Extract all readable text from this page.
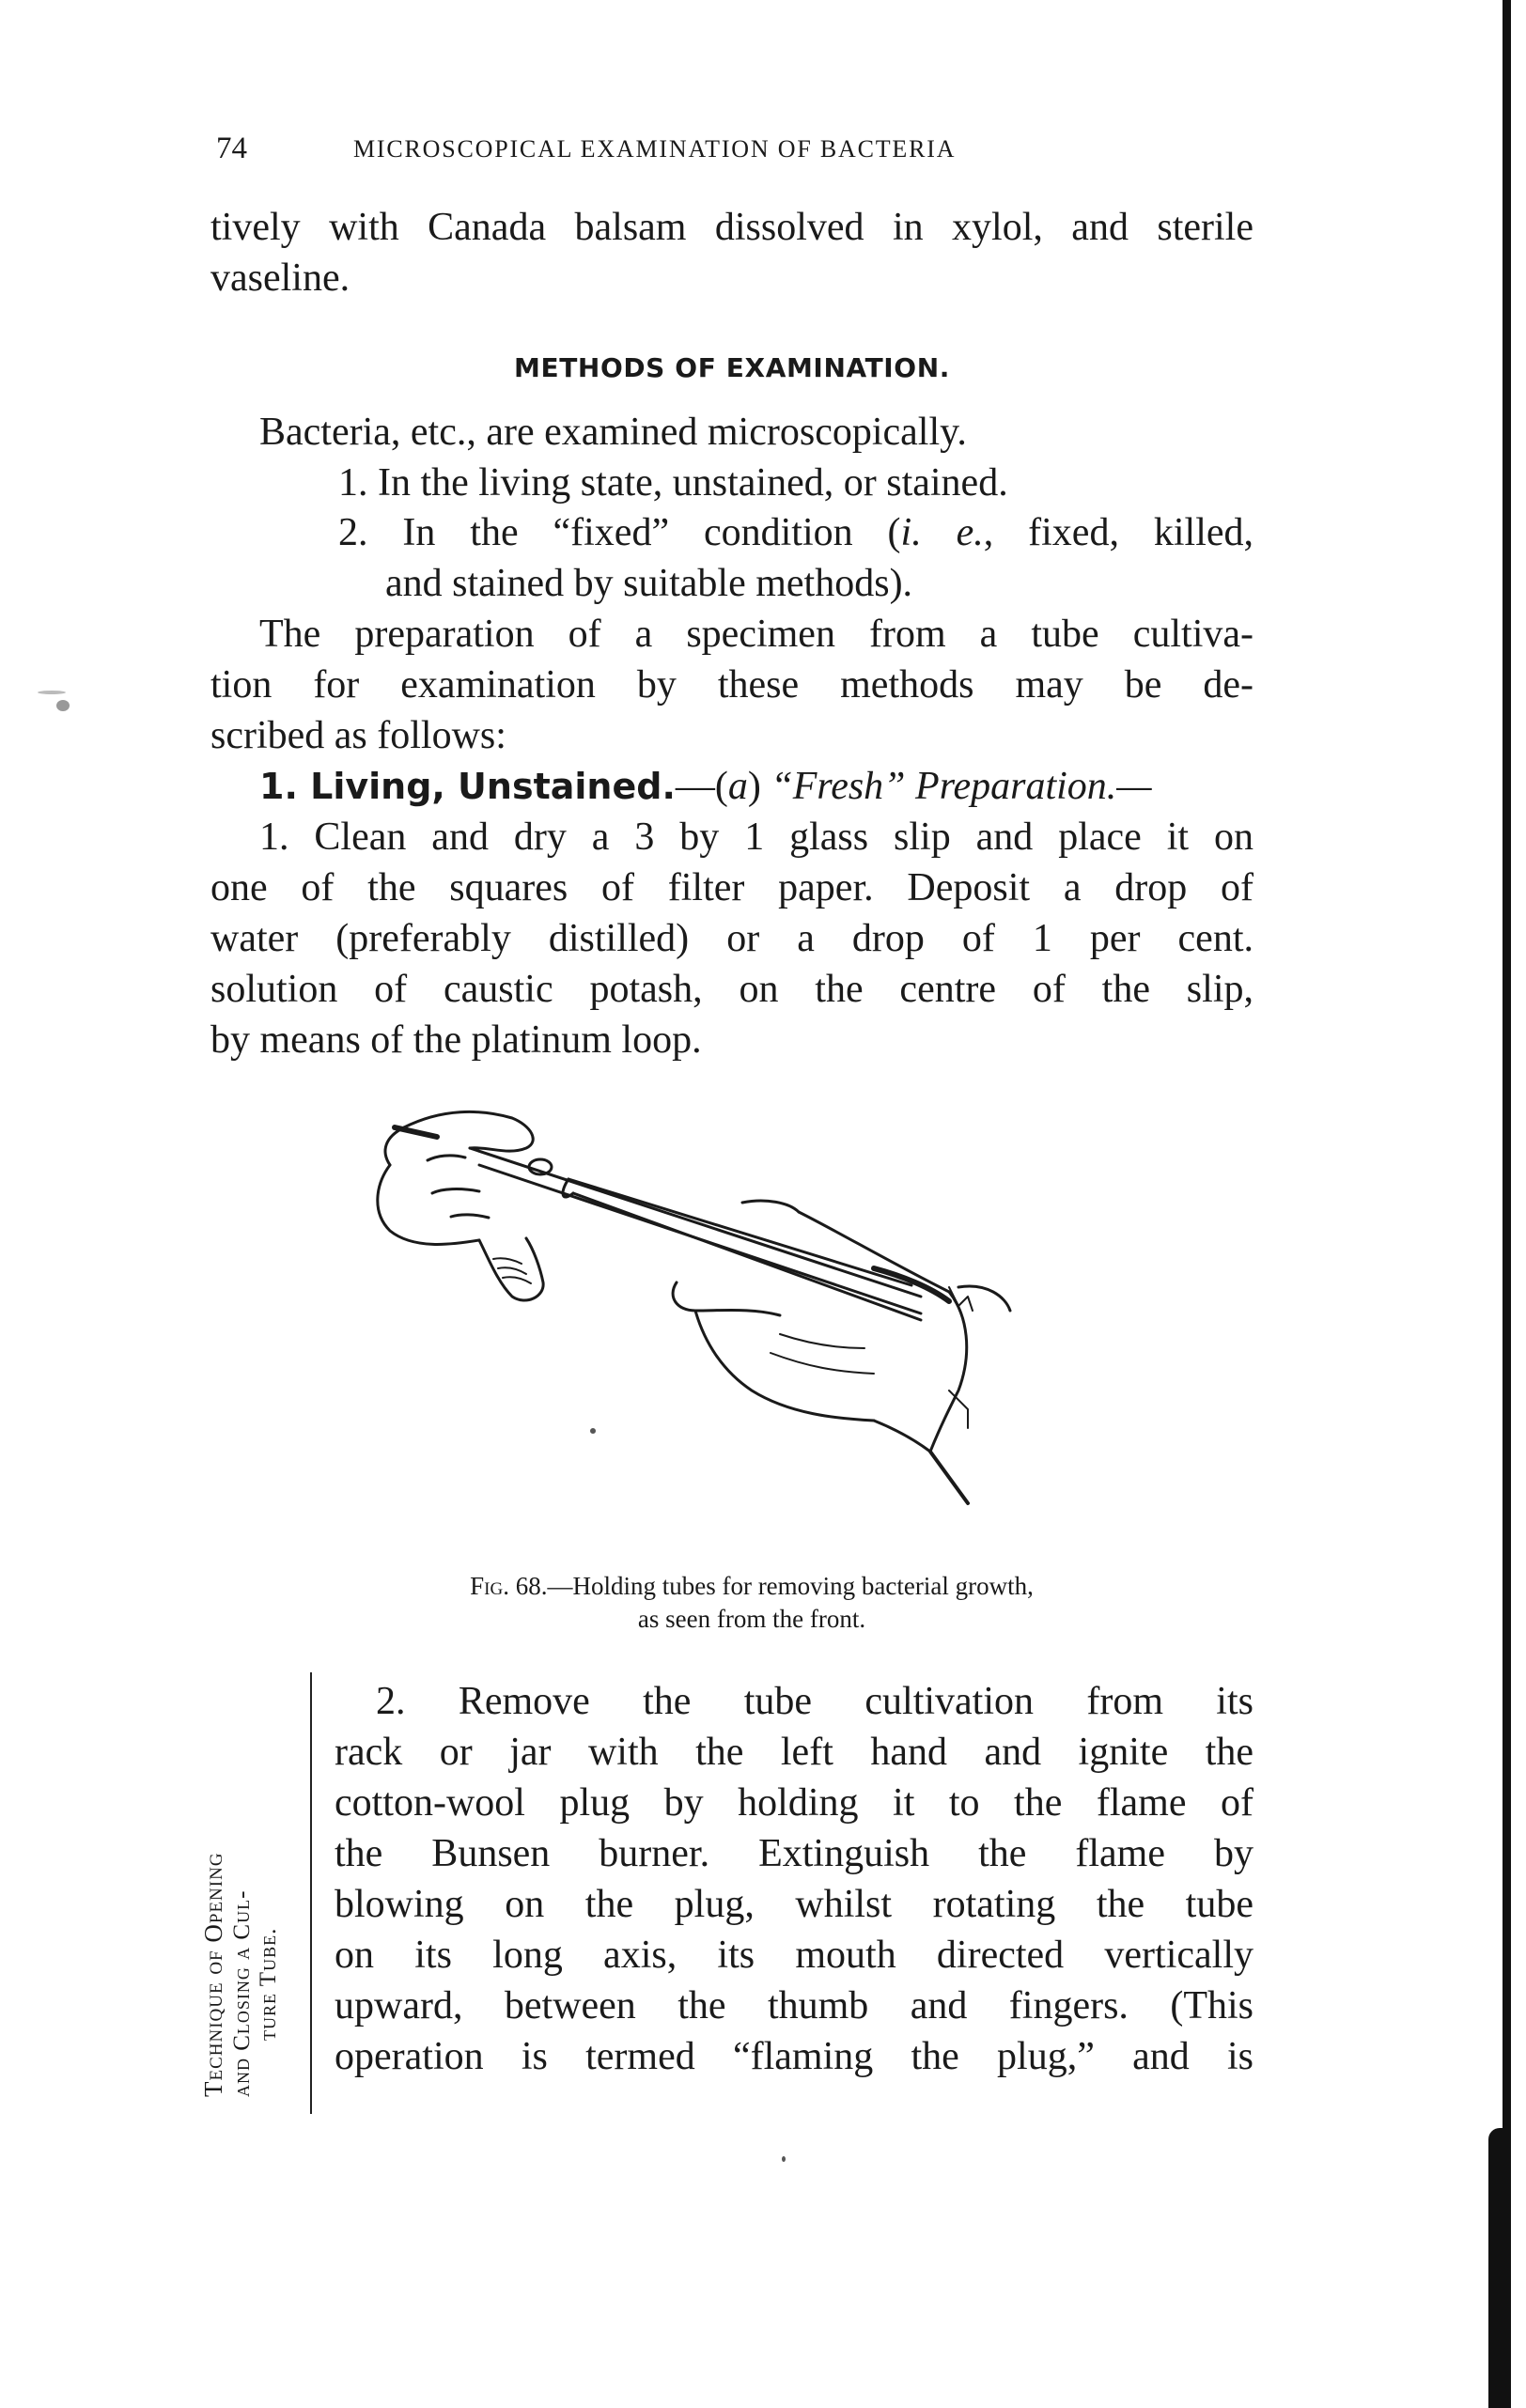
74	MICROSCOPICAL EXAMINATION OF BACTERIA
tively with Canada balsam dissolved in xylol, and sterile
vaseline.
METHODS OF EXAMINATION.
Bacteria, etc., are examined microscopically.
1. In the living state, unstained, or stained.
2. In the “fixed” condition (i. e., fixed, killed,
and stained by suitable methods).
The preparation of a specimen from a tube cultiva-
tion for examination by these methods may be de-
scribed as follows:
1. Living, Unstained.—(a) “Fresh” Preparation.—
1. Clean and dry a 3 by 1 glass slip and place it on
one of the squares of filter paper. Deposit a drop of
water (preferably distilled) or a drop of 1 per cent.
solution of caustic potash, on the centre of the slip,
by means of the platinum loop.
Fig. 68.—Holding tubes for removing bacterial growth,
as seen from the front.
Technique of Opening and Closing a Cul- ture Tube.
2. Remove the tube cultivation from its
rack or jar with the left hand and ignite the
cotton-wool plug by holding it to the flame of
the Bunsen burner. Extinguish the flame by
blowing on the plug, whilst rotating the tube
on its long axis, its mouth directed vertically
upward, between the thumb and fingers. (This
operation is termed “flaming the plug,” and is
